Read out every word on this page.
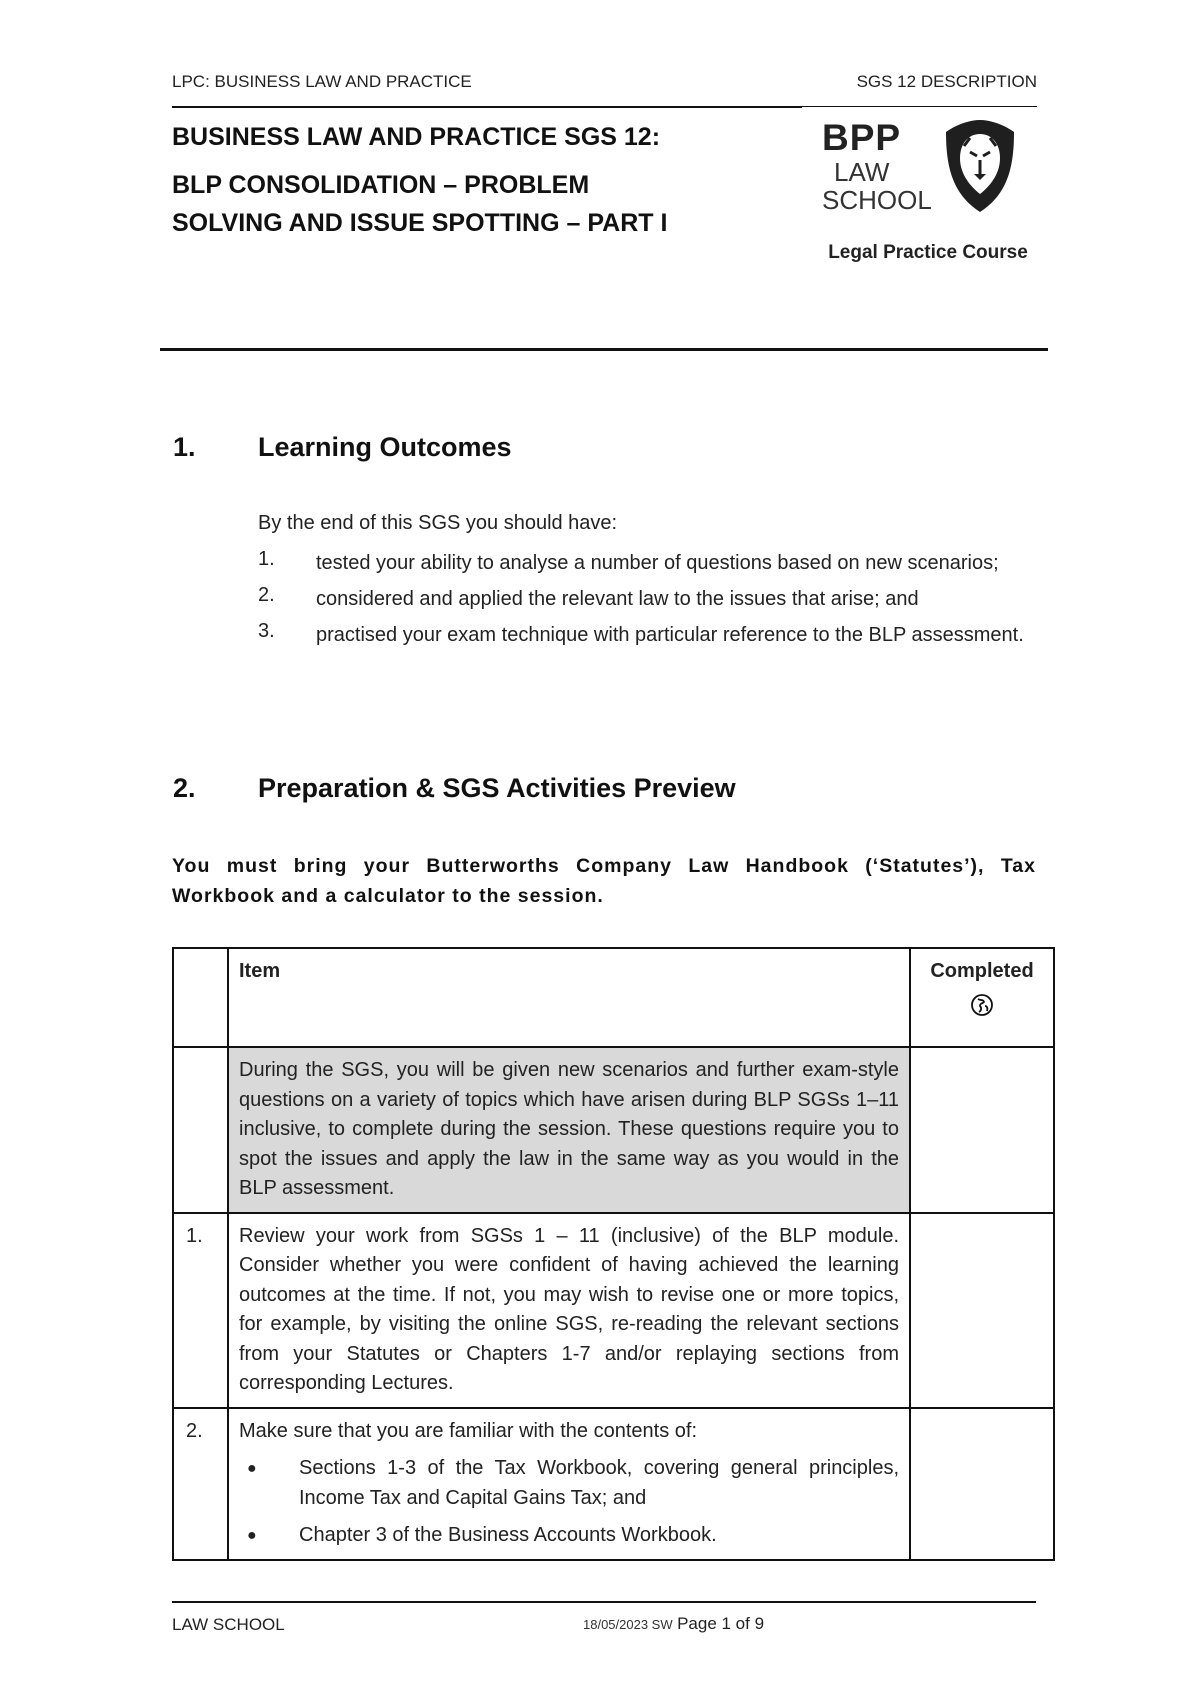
LPC: BUSINESS LAW AND PRACTICE	SGS 12 DESCRIPTION
BUSINESS LAW AND PRACTICE SGS 12:
BLP CONSOLIDATION – PROBLEM
SOLVING AND ISSUE SPOTTING – PART I
BPP
LAW
SCHOOL
Legal Practice Course
1. Learning Outcomes
By the end of this SGS you should have:
1.	tested your ability to analyse a number of questions based on new scenarios;
2.	considered and applied the relevant law to the issues that arise; and
3.	practised your exam technique with particular reference to the BLP assessment.
2. Preparation & SGS Activities Preview
You must bring your Butterworths Company Law Handbook (‘Statutes’), Tax Workbook and a calculator to the session.
	Item	Completed

	During the SGS, you will be given new scenarios and further exam-style questions on a variety of topics which have arisen during BLP SGSs 1–11 inclusive, to complete during the session. These questions require you to spot the issues and apply the law in the same way as you would in the BLP assessment.	
1.	Review your work from SGSs 1 – 11 (inclusive) of the BLP module. Consider whether you were confident of having achieved the learning outcomes at the time. If not, you may wish to revise one or more topics, for example, by visiting the online SGS, re-reading the relevant sections from your Statutes or Chapters 1-7 and/or replaying sections from corresponding Lectures.	
2.	Make sure that you are familiar with the contents of:
● Sections 1-3 of the Tax Workbook, covering general principles, Income Tax and Capital Gains Tax; and
● Chapter 3 of the Business Accounts Workbook.	

LAW SCHOOL	18/05/2023 SW Page 1 of 9
